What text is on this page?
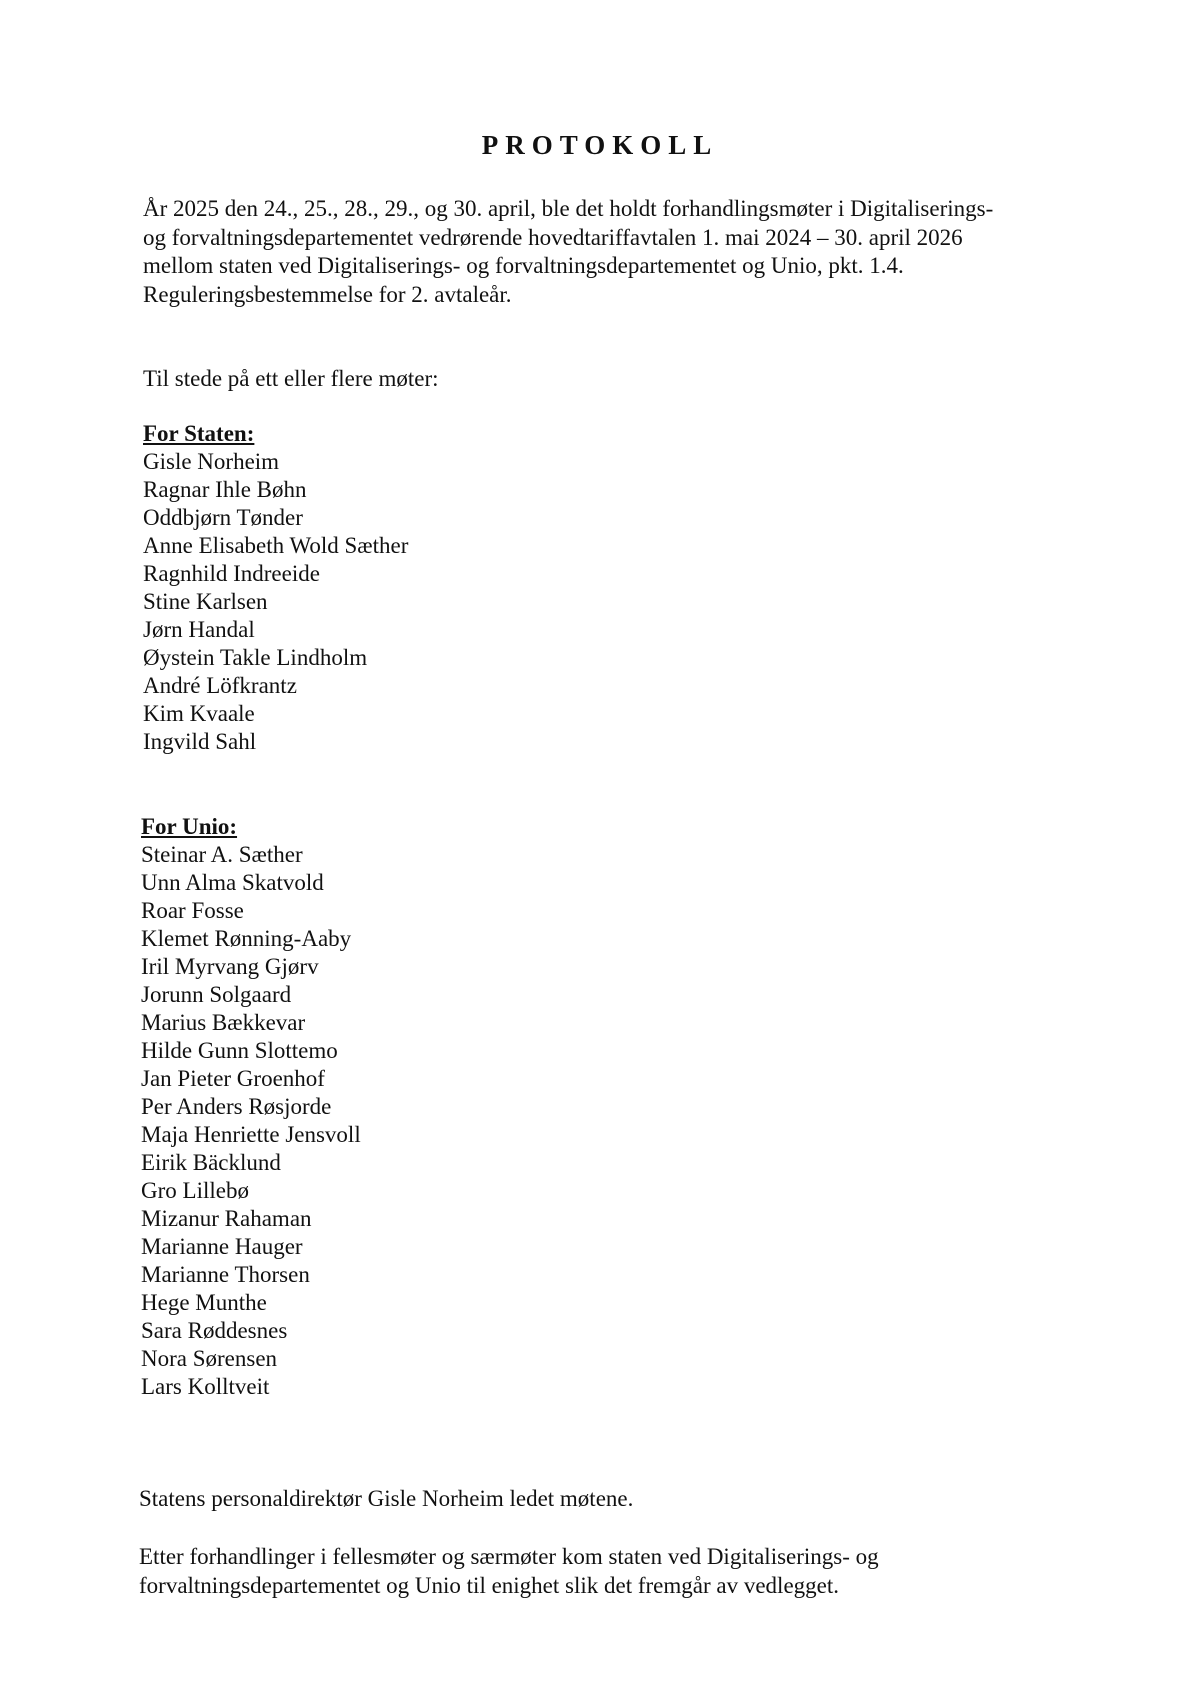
PROTOKOLL
År 2025 den 24., 25., 28., 29., og 30. april, ble det holdt forhandlingsmøter i Digitaliserings-
og forvaltningsdepartementet vedrørende hovedtariffavtalen 1. mai 2024 – 30. april 2026
mellom staten ved Digitaliserings- og forvaltningsdepartementet og Unio, pkt. 1.4.
Reguleringsbestemmelse for 2. avtaleår.
Til stede på ett eller flere møter:
For Staten:
Gisle Norheim
Ragnar Ihle Bøhn
Oddbjørn Tønder
Anne Elisabeth Wold Sæther
Ragnhild Indreeide
Stine Karlsen
Jørn Handal
Øystein Takle Lindholm
André Löfkrantz
Kim Kvaale
Ingvild Sahl
For Unio:
Steinar A. Sæther
Unn Alma Skatvold
Roar Fosse
Klemet Rønning-Aaby
Iril Myrvang Gjørv
Jorunn Solgaard
Marius Bækkevar
Hilde Gunn Slottemo
Jan Pieter Groenhof
Per Anders Røsjorde
Maja Henriette Jensvoll
Eirik Bäcklund
Gro Lillebø
Mizanur Rahaman
Marianne Hauger
Marianne Thorsen
Hege Munthe
Sara Røddesnes
Nora Sørensen
Lars Kolltveit
Statens personaldirektør Gisle Norheim ledet møtene.
Etter forhandlinger i fellesmøter og særmøter kom staten ved Digitaliserings- og
forvaltningsdepartementet og Unio til enighet slik det fremgår av vedlegget.
